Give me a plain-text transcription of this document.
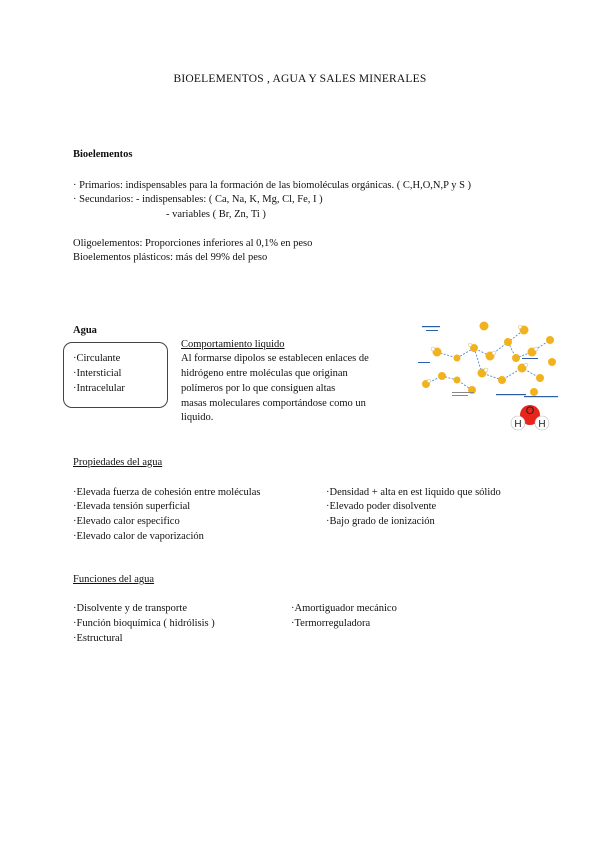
BIOELEMENTOS , AGUA Y SALES MINERALES
Bioelementos
· Primarios: indispensables para la formación de las biomoléculas orgánicas. ( C,H,O,N,P y S )
· Secundarios: - indispensables: ( Ca, Na, K, Mg, Cl, Fe, I )
- variables ( Br, Zn, Ti )
Oligoelementos: Proporciones inferiores al 0,1% en peso
Bioelementos plásticos: más del 99% del peso
Agua
·Circulante
·Intersticial
·Intracelular
Comportamiento liquido
Al formarse dipolos se establecen enlaces de
hidrógeno entre moléculas que originan
polímeros por lo que consiguen altas
masas moleculares comportándose como un
liquido.
O
H H
Propiedades del agua
·Elevada fuerza de cohesión entre moléculas
·Elevada tensión superficial
·Elevado calor especifico
·Elevado calor de vaporización
·Densidad + alta en est liquido que sólido
·Elevado poder disolvente
·Bajo grado de ionización
Funciones del agua
·Disolvente y de transporte
·Función bioquímica ( hidrólisis )
·Estructural
·Amortiguador mecánico
·Termorreguladora
